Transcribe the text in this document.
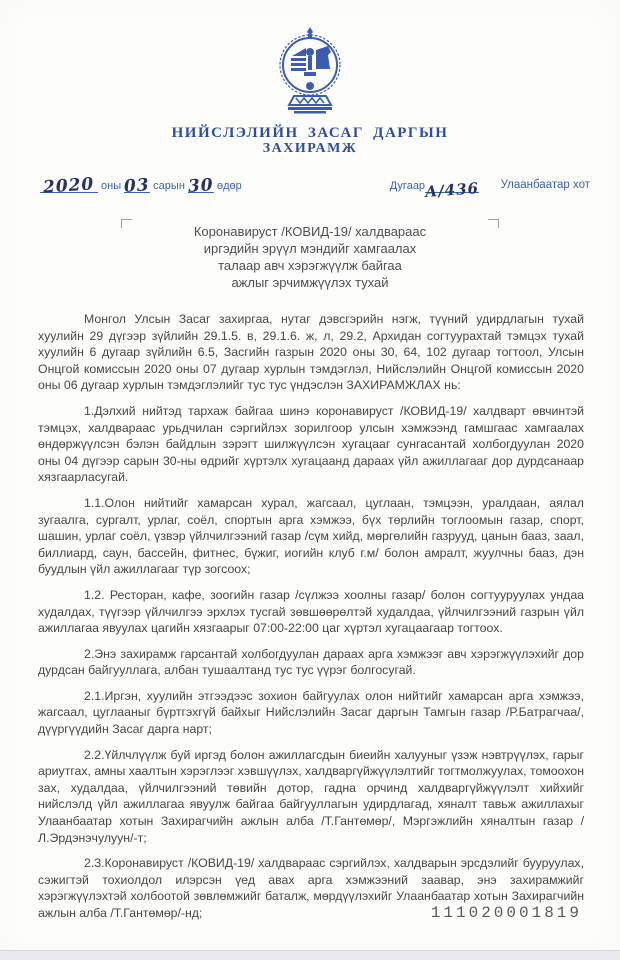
НИЙСЛЭЛИЙН ЗАСАГ ДАРГЫН
ЗАХИРАМЖ
2020 оны
03 сарын
30 өдөр	Дугаар А/436 Улаанбаатар хот
Коронавируст /КОВИД-19/ халдвараас
иргэдийн эрүүл мэндийг хамгаалах
талаар авч хэрэгжүүлж байгаа
ажлыг эрчимжүүлэх тухай

Монгол Улсын Засаг захиргаа, нутаг дэвсгэрийн нэгж, түүний удирдлагын тухай хуулийн 29 дүгээр зүйлийн 29.1.5. в, 29.1.6. ж, л, 29.2, Архидан согтуурахтай тэмцэх тухай хуулийн 6 дугаар зүйлийн 6.5, Засгийн газрын 2020 оны 30, 64, 102 дугаар тогтоол, Улсын Онцгой комиссын 2020 оны 07 дугаар хурлын тэмдэглэл, Нийслэлийн Онцгой комиссын 2020 оны 06 дугаар хурлын тэмдэглэлийг тус тус үндэслэн ЗАХИРАМЖЛАХ нь:

1.Дэлхий нийтэд тархаж байгаа шинэ коронавируст /КОВИД-19/ халдварт өвчинтэй тэмцэх, халдвараас урьдчилан сэргийлэх зорилгоор улсын хэмжээнд гамшгаас хамгаалах өндөржүүлсэн бэлэн байдлын зэрэгт шилжүүлсэн хугацааг сунгасантай холбогдуулан 2020 оны 04 дүгээр сарын 30-ны өдрийг хүртэлх хугацаанд дараах үйл ажиллагааг дор дурдсанаар хязгаарласугай.

1.1.Олон нийтийг хамарсан хурал, жагсаал, цуглаан, тэмцээн, уралдаан, аялал зугаалга, сургалт, урлаг, соёл, спортын арга хэмжээ, бүх төрлийн тоглоомын газар, спорт, шашин, урлаг соёл, үзвэр үйлчилгээний газар /сүм хийд, мөргөлийн газрууд, цанын бааз, заал, биллиард, саун, бассейн, фитнес, бүжиг, иогийн клуб г.м/ болон амралт, жуулчны бааз, дэн буудлын үйл ажиллагааг түр зогсоох;

1.2. Ресторан, кафе, зоогийн газар /сүлжээ хоолны газар/ болон согтууруулах ундаа худалдах, түүгээр үйлчилгээ эрхлэх тусгай зөвшөөрөлтэй худалдаа, үйлчилгээний газрын үйл ажиллагаа явуулах цагийн хязгаарыг 07:00-22:00 цаг хүртэл хугацаагаар тогтоох.

2.Энэ захирамж гарсантай холбогдуулан дараах арга хэмжээг авч хэрэгжүүлэхийг дор дурдсан байгууллага, албан тушаалтанд тус тус үүрэг болгосугай.

2.1.Иргэн, хуулийн этгээдээс зохион байгуулах олон нийтийг хамарсан арга хэмжээ, жагсаал, цуглааныг бүртгэхгүй байхыг Нийслэлийн Засаг даргын Тамгын газар /Р.Батрагчаа/, дүүргүүдийн Засаг дарга нарт;

2.2.Үйлчлүүлж буй иргэд болон ажиллагсдын биеийн халууныг үзэж нэвтрүүлэх, гарыг ариутгах, амны хаалтын хэрэглээг хэвшүүлэх, халдваргүйжүүлэлтийг тогтмолжуулах, томоохон зах, худалдаа, үйлчилгээний төвийн дотор, гадна орчинд халдваргүйжүүлэлт хийхийг нийслэлд үйл ажиллагаа явуулж байгаа байгууллагын удирдлагад, хяналт тавьж ажиллахыг Улаанбаатар хотын Захирагчийн ажлын алба /Т.Гантөмөр/, Мэргэжлийн хяналтын газар /Л.Эрдэнэчулуун/-т;

2.3.Коронавируст /КОВИД-19/ халдвараас сэргийлэх, халдварын эрсдэлийг бууруулах, сэжигтэй тохиолдол илэрсэн үед авах арга хэмжээний заавар, энэ захирамжийг хэрэгжүүлэхтэй холбоотой зөвлөмжийг баталж, мөрдүүлэхийг Улаанбаатар хотын Захирагчийн ажлын алба /Т.Гантөмөр/-нд;	111020001819
